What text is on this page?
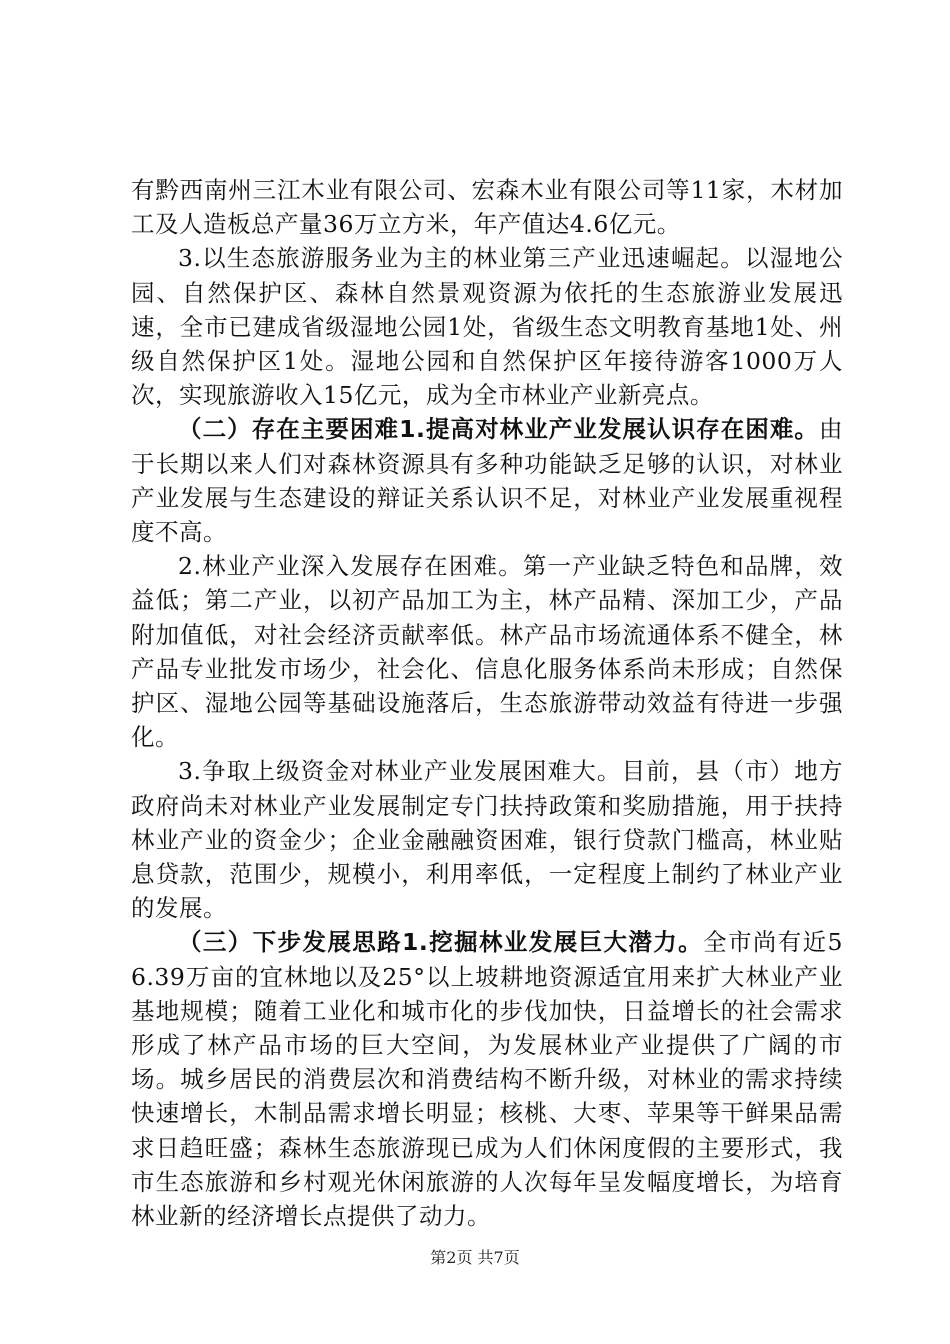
有黔西南州三江木业有限公司、宏森木业有限公司等11家，木材加工及人造板总产量36万立方米，年产值达4.6亿元。

3.以生态旅游服务业为主的林业第三产业迅速崛起。以湿地公园、自然保护区、森林自然景观资源为依托的生态旅游业发展迅速，全市已建成省级湿地公园1处，省级生态文明教育基地1处、州级自然保护区1处。湿地公园和自然保护区年接待游客1000万人次，实现旅游收入15亿元，成为全市林业产业新亮点。

（二）存在主要困难1.提高对林业产业发展认识存在困难。由于长期以来人们对森林资源具有多种功能缺乏足够的认识，对林业产业发展与生态建设的辩证关系认识不足，对林业产业发展重视程度不高。

2.林业产业深入发展存在困难。第一产业缺乏特色和品牌，效益低；第二产业，以初产品加工为主，林产品精、深加工少，产品附加值低，对社会经济贡献率低。林产品市场流通体系不健全，林产品专业批发市场少，社会化、信息化服务体系尚未形成；自然保护区、湿地公园等基础设施落后，生态旅游带动效益有待进一步强化。

3.争取上级资金对林业产业发展困难大。目前，县（市）地方政府尚未对林业产业发展制定专门扶持政策和奖励措施，用于扶持林业产业的资金少；企业金融融资困难，银行贷款门槛高，林业贴息贷款，范围少，规模小，利用率低，一定程度上制约了林业产业的发展。

（三）下步发展思路1.挖掘林业发展巨大潜力。全市尚有近56.39万亩的宜林地以及25°以上坡耕地资源适宜用来扩大林业产业基地规模；随着工业化和城市化的步伐加快，日益增长的社会需求形成了林产品市场的巨大空间，为发展林业产业提供了广阔的市场。城乡居民的消费层次和消费结构不断升级，对林业的需求持续快速增长，木制品需求增长明显；核桃、大枣、苹果等干鲜果品需求日趋旺盛；森林生态旅游现已成为人们休闲度假的主要形式，我市生态旅游和乡村观光休闲旅游的人次每年呈发幅度增长，为培育林业新的经济增长点提供了动力。

第2页 共7页
